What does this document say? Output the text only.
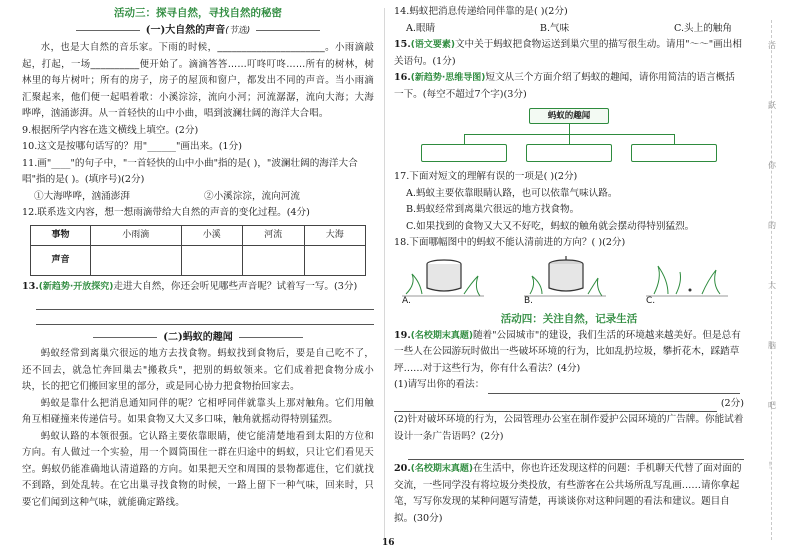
活动三：探寻自然，寻找自然的秘密
(一)大自然的声音(节选)
水，也是大自然的音乐家。下雨的时候，______________________。小雨滴敲起，打起，一场__________便开始了。滴滴答答……叮咚叮咚……所有的树林，树林里的每片树叶；所有的房子，房子的屋顶和窗户，都发出不同的声音。当小雨滴汇聚起来，他们便一起唱着歌：小溪淙淙，流向小河；河流潺潺，流向大海；大海哗哗，汹涌澎湃。从一首轻快的山中小曲，唱到波澜壮阔的海洋大合唱。
9.根据所学内容在选文横线上填空。(2分)
10.这文是按哪句话写的？用"______"画出来。(1分)
11.画"____"的句子中，"一首轻快的山中小曲"指的是( )，"波澜壮阔的海洋大合唱"指的是( )。(填序号)(2分)
①大海哗哗，汹涌澎湃	②小溪淙淙，流向河流
12.联系选文内容，想一想雨滴带给大自然的声音的变化过程。(4分)
事物	小雨滴	小溪	河流	大海
声音				
13.(新趋势·开放探究)走进大自然，你还会听见哪些声音呢？试着写一写。(3分)
(二)蚂蚁的趣闻
蚂蚁经常到离巢穴很远的地方去找食物。蚂蚁找到食物后，要是自己吃不了，还不回去，就急忙奔回巢去"搬救兵"，把别的蚂蚁领来。它们成着把食物分成小块，长的把它们搬回家里的部分，或是同心协力把食物抬回家去。
蚂蚁是靠什么把消息通知同伴的呢？它相呼同伴就靠头上那对触角。它们用触角互相碰撞来传递信号。如果食物又大又多口味，触角就摇动得特别猛烈。
蚂蚁认路的本领很强。它认路主要依靠眼睛，使它能清楚地看到太阳的方位和方向。有人做过一个实验，用一个圆筒围住一群在归途中的蚂蚁，只让它们看见天空。蚂蚁仍能准确地认清道路的方向。如果把天空和周围的景物都遮住，它们就找不到路，到处乱转。在它出巢寻找食物的时候，一路上留下一种气味，回来时，只要它们闻到这种气味，就能确定路线。
14.蚂蚁把消息传递给同伴靠的是( )(2分)
A.眼睛	B.气味	C.头上的触角
15.(语文要素)文中关于蚂蚁把食物运送到巢穴里的描写很生动。请用"～～"画出相关语句。(1分)
16.(新趋势·思维导图)短文从三个方面介绍了蚂蚁的趣闻，请你用简洁的语言概括一下。(每空不超过7个字)(3分)
蚂蚁的趣闻
17.下面对短文的理解有误的一项是( )(2分)
A.蚂蚁主要依靠眼睛认路，也可以依靠气味认路。
B.蚂蚁经常到离巢穴很远的地方找食物。
C.如果找到的食物又大又不好吃，蚂蚁的触角就会摆动得特别猛烈。
18.下面哪幅图中的蚂蚁不能认清前进的方向？( )(2分)
A.	B.	C.
活动四：关注自然，记录生活
19.(名校期末真题)随着"公园城市"的建设，我们生活的环境越来越美好。但是总有一些人在公园游玩时做出一些破坏环境的行为，比如乱扔垃圾，攀折花木，踩踏草坪……对于这些行为，你有什么看法？(4分)
(1)请写出你的看法：
(2分)
(2)针对破坏环境的行为，公园管理办公室在制作爱护公园环境的广告牌。你能试着设计一条广告语吗？(2分)
20.(名校期末真题)在生活中，你也许还发现这样的问题：手机聊天代替了面对面的交流，一些同学没有将垃圾分类投放，有些游客在公共场所乱写乱画……请你拿起笔，写写你发现的某种问题写清楚，再谈谈你对这种问题的看法和建议。题目自拟。(30分)
活
跃
你
的
大
脑
吧
！
16
